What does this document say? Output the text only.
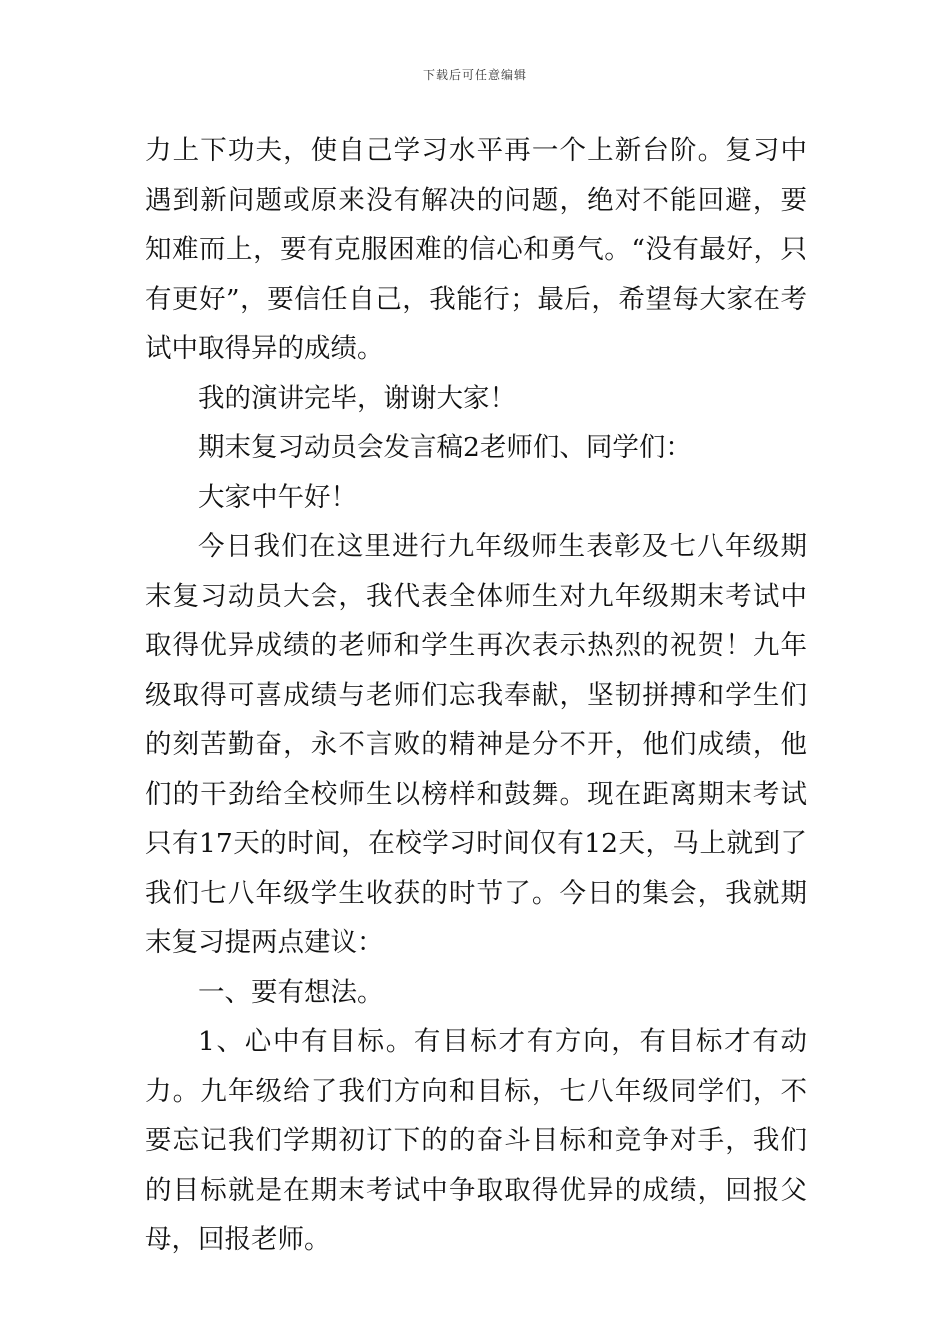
下载后可任意编辑

力上下功夫，使自己学习水平再一个上新台阶。复习中遇到新问题或原来没有解决的问题，绝对不能回避，要知难而上，要有克服困难的信心和勇气。“没有最好，只有更好”，要信任自己，我能行；最后，希望每大家在考试中取得异的成绩。

我的演讲完毕，谢谢大家！

期末复习动员会发言稿2老师们、同学们：

大家中午好！

今日我们在这里进行九年级师生表彰及七八年级期末复习动员大会，我代表全体师生对九年级期末考试中取得优异成绩的老师和学生再次表示热烈的祝贺！九年级取得可喜成绩与老师们忘我奉献，坚韧拼搏和学生们的刻苦勤奋，永不言败的精神是分不开，他们成绩，他们的干劲给全校师生以榜样和鼓舞。现在距离期末考试只有17天的时间，在校学习时间仅有12天，马上就到了我们七八年级学生收获的时节了。今日的集会，我就期末复习提两点建议：

一、要有想法。

1、心中有目标。有目标才有方向，有目标才有动力。九年级给了我们方向和目标，七八年级同学们，不要忘记我们学期初订下的的奋斗目标和竞争对手，我们的目标就是在期末考试中争取取得优异的成绩，回报父母，回报老师。
